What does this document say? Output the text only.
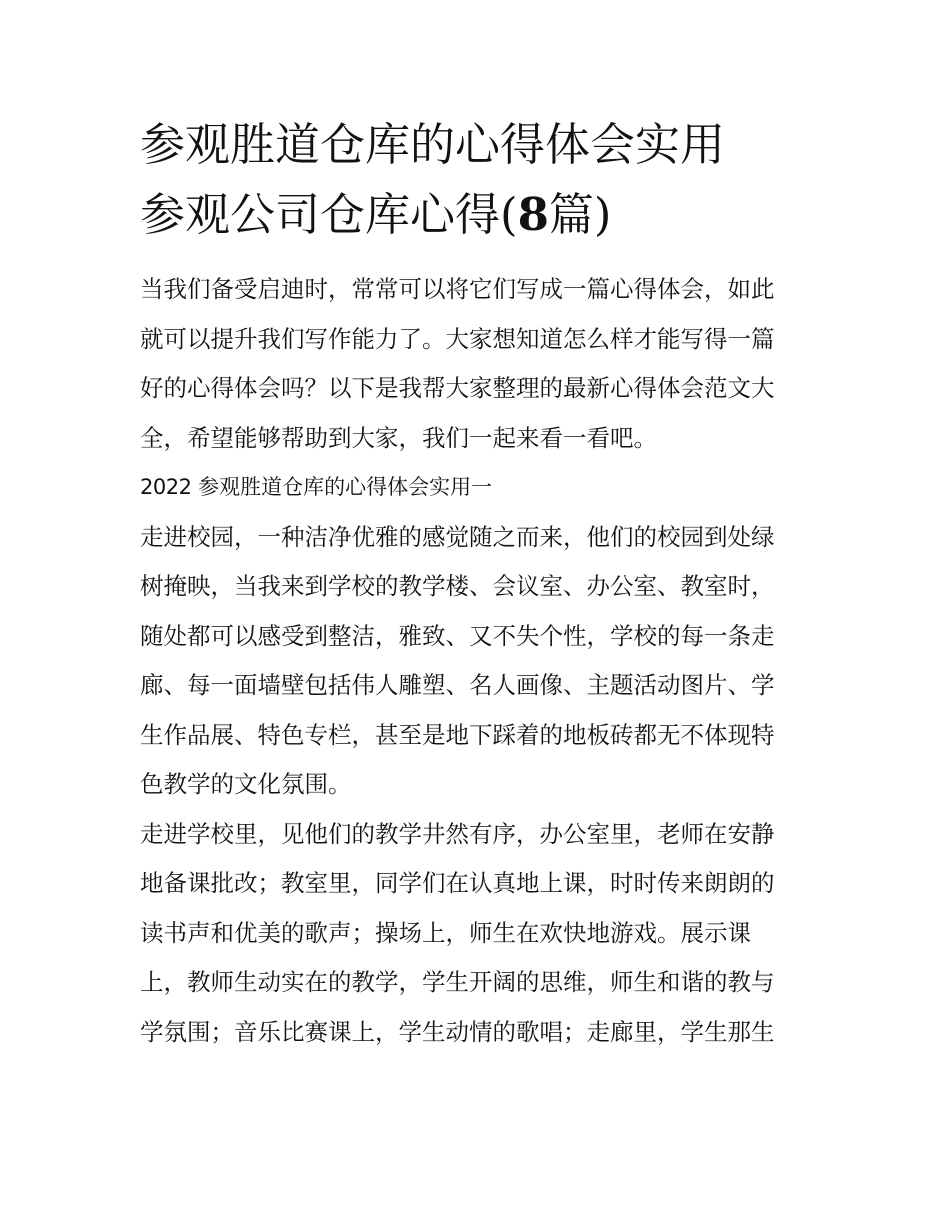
参观胜道仓库的心得体会实用
参观公司仓库心得(8篇)

当我们备受启迪时，常常可以将它们写成一篇心得体会，如此
就可以提升我们写作能力了。大家想知道怎么样才能写得一篇
好的心得体会吗？以下是我帮大家整理的最新心得体会范文大
全，希望能够帮助到大家，我们一起来看一看吧。

2022 参观胜道仓库的心得体会实用一

走进校园，一种洁净优雅的感觉随之而来，他们的校园到处绿
树掩映，当我来到学校的教学楼、会议室、办公室、教室时，
随处都可以感受到整洁，雅致、又不失个性，学校的每一条走
廊、每一面墙壁包括伟人雕塑、名人画像、主题活动图片、学
生作品展、特色专栏，甚至是地下踩着的地板砖都无不体现特
色教学的文化氛围。

走进学校里，见他们的教学井然有序，办公室里，老师在安静
地备课批改；教室里，同学们在认真地上课，时时传来朗朗的
读书声和优美的歌声；操场上，师生在欢快地游戏。展示课
上，教师生动实在的教学，学生开阔的思维，师生和谐的教与
学氛围；音乐比赛课上，学生动情的歌唱；走廊里，学生那生
